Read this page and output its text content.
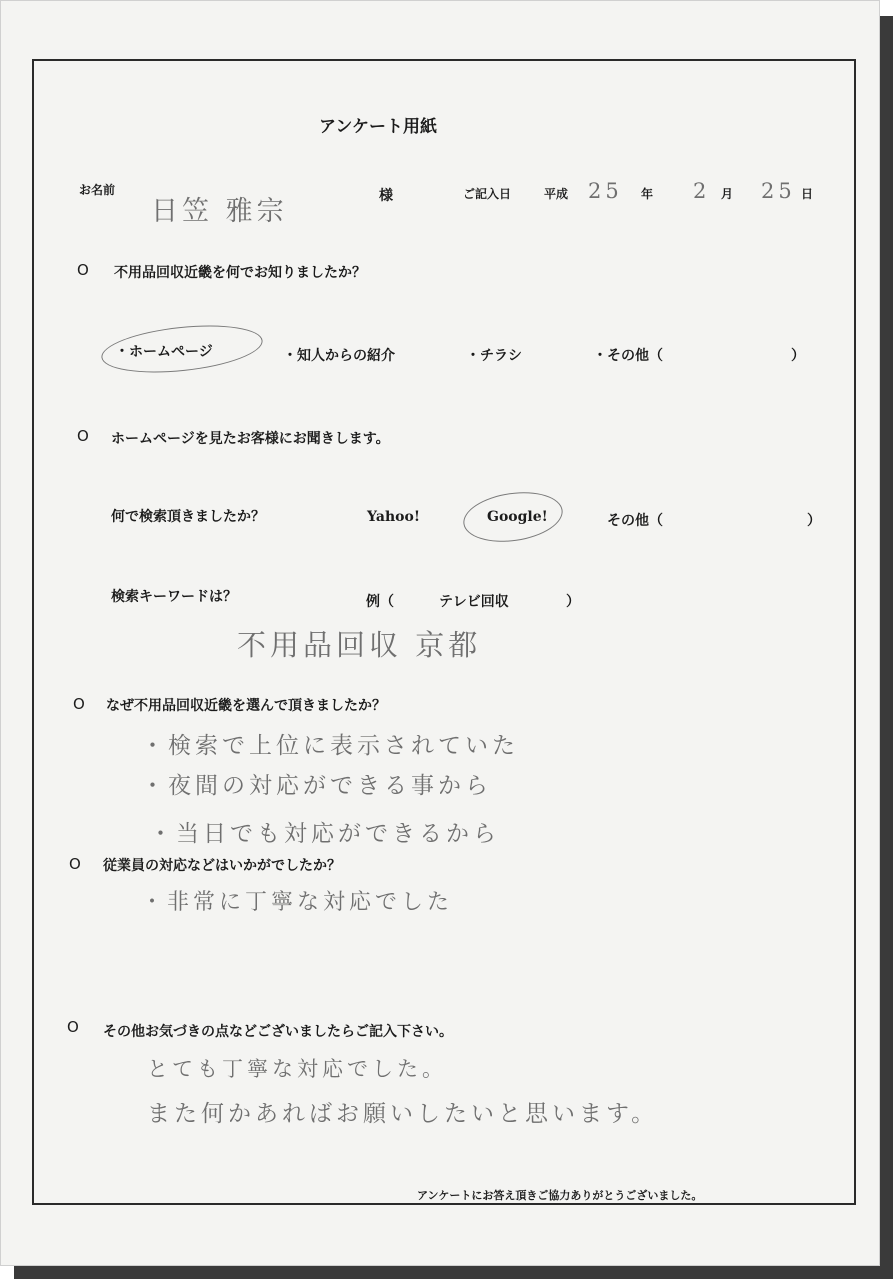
アンケート用紙
お名前
日笠 雅宗	様	ご記入日	平成 25 年 2 月 25 日
O 不用品回収近畿を何でお知りましたか？
・ホームページ	・知人からの紹介	・チラシ	・その他（	）
O ホームページを見たお客様にお聞きします。
何で検索頂きましたか？	Yahoo!	Google!	その他（	）
検索キーワードは？	例（	テレビ回収	）
不用品回収 京都
O なぜ不用品回収近畿を選んで頂きましたか？
・検索で上位に表示されていた
・夜間の対応ができる事から
・当日でも対応ができるから
O 従業員の対応などはいかがでしたか？
・非常に丁寧な対応でした
O その他お気づきの点などございましたらご記入下さい。
とても丁寧な対応でした。
また何かあればお願いしたいと思います。
アンケートにお答え頂きご協力ありがとうございました。
